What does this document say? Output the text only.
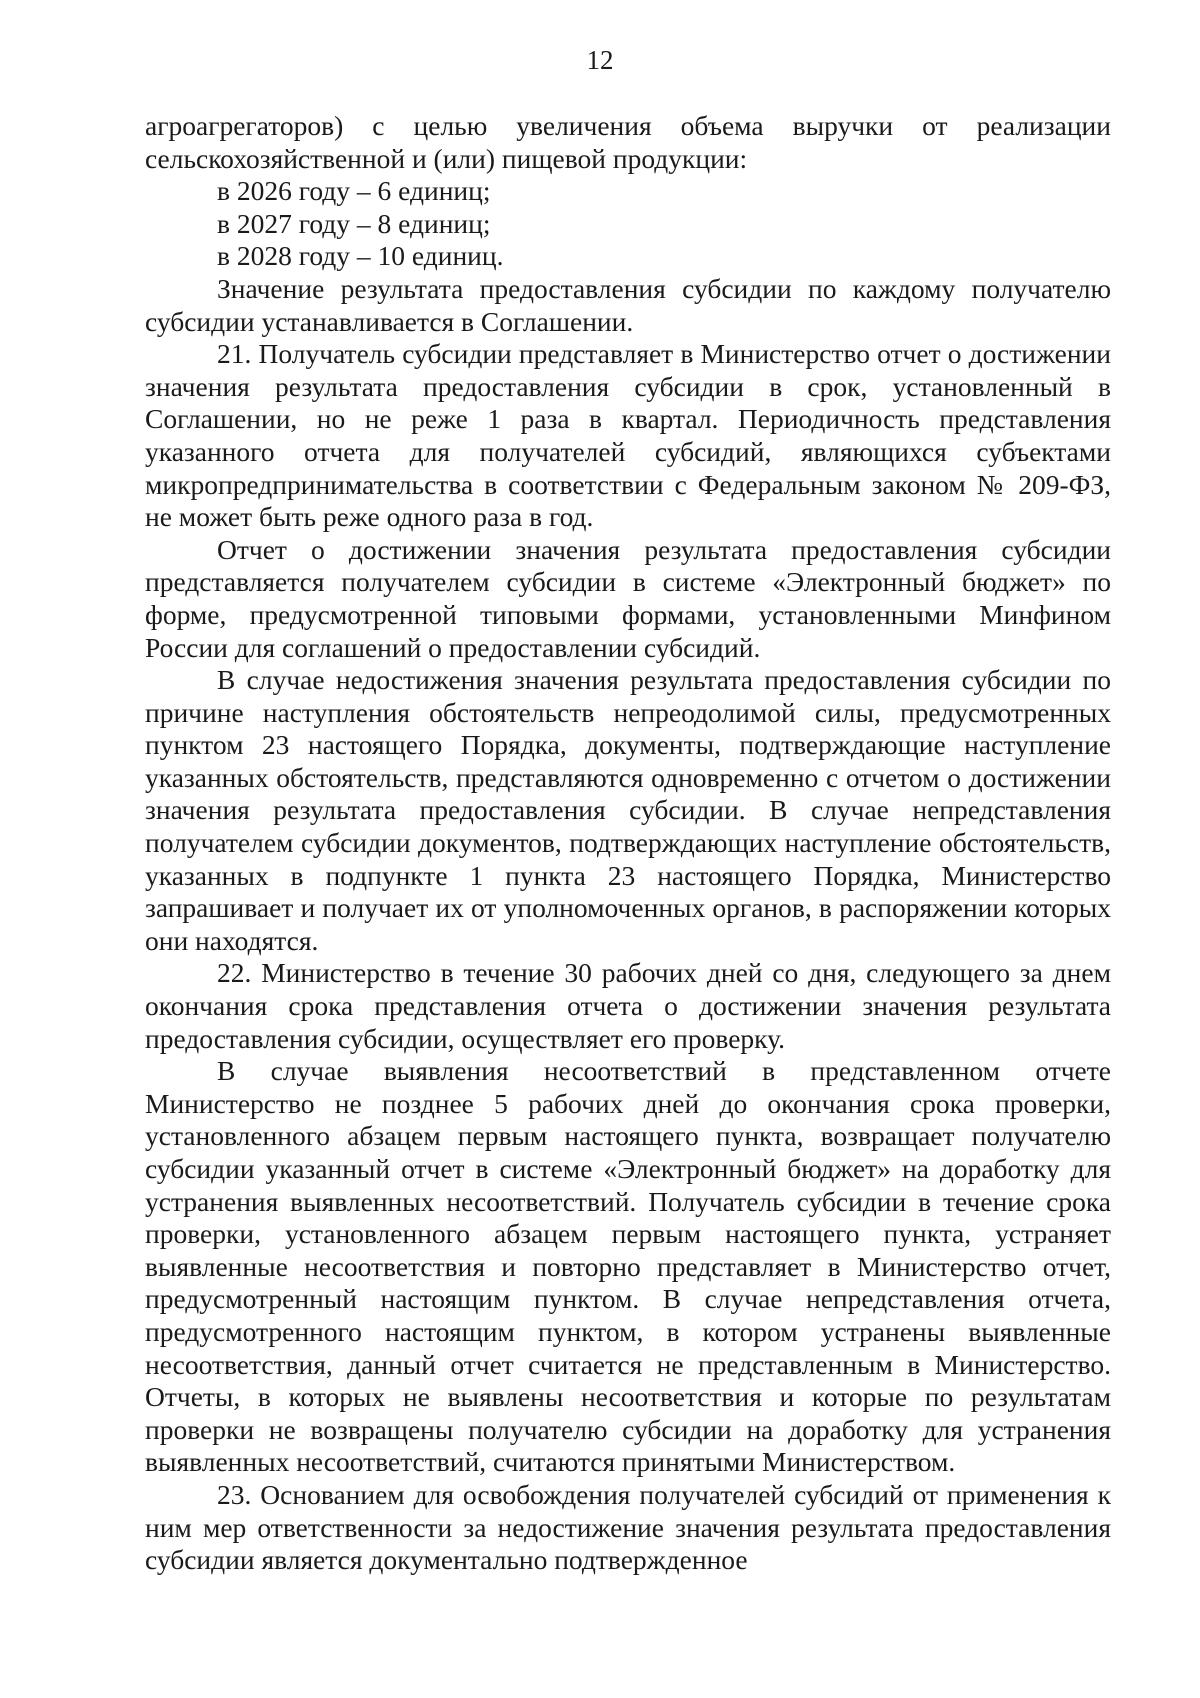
12

агроагрегаторов) с целью увеличения объема выручки от реализации сельскохозяйственной и (или) пищевой продукции:

в 2026 году – 6 единиц;

в 2027 году – 8 единиц;

в 2028 году – 10 единиц.

Значение результата предоставления субсидии по каждому получателю субсидии устанавливается в Соглашении.

21. Получатель субсидии представляет в Министерство отчет о достижении значения результата предоставления субсидии в срок, установленный в Соглашении, но не реже 1 раза в квартал. Периодичность представления указанного отчета для получателей субсидий, являющихся субъектами микропредпринимательства в соответствии с Федеральным законом № 209-ФЗ, не может быть реже одного раза в год.

Отчет о достижении значения результата предоставления субсидии представляется получателем субсидии в системе «Электронный бюджет» по форме, предусмотренной типовыми формами, установленными Минфином России для соглашений о предоставлении субсидий.

В случае недостижения значения результата предоставления субсидии по причине наступления обстоятельств непреодолимой силы, предусмотренных пунктом 23 настоящего Порядка, документы, подтверждающие наступление указанных обстоятельств, представляются одновременно с отчетом о достижении значения результата предоставления субсидии. В случае непредставления получателем субсидии документов, подтверждающих наступление обстоятельств, указанных в подпункте 1 пункта 23 настоящего Порядка, Министерство запрашивает и получает их от уполномоченных органов, в распоряжении которых они находятся.

22. Министерство в течение 30 рабочих дней со дня, следующего за днем окончания срока представления отчета о достижении значения результата предоставления субсидии, осуществляет его проверку.

В случае выявления несоответствий в представленном отчете Министерство не позднее 5 рабочих дней до окончания срока проверки, установленного абзацем первым настоящего пункта, возвращает получателю субсидии указанный отчет в системе «Электронный бюджет» на доработку для устранения выявленных несоответствий. Получатель субсидии в течение срока проверки, установленного абзацем первым настоящего пункта, устраняет выявленные несоответствия и повторно представляет в Министерство отчет, предусмотренный настоящим пунктом. В случае непредставления отчета, предусмотренного настоящим пунктом, в котором устранены выявленные несоответствия, данный отчет считается не представленным в Министерство. Отчеты, в которых не выявлены несоответствия и которые по результатам проверки не возвращены получателю субсидии на доработку для устранения выявленных несоответствий, считаются принятыми Министерством.

23. Основанием для освобождения получателей субсидий от применения к ним мер ответственности за недостижение значения результата предоставления субсидии является документально подтвержденное
